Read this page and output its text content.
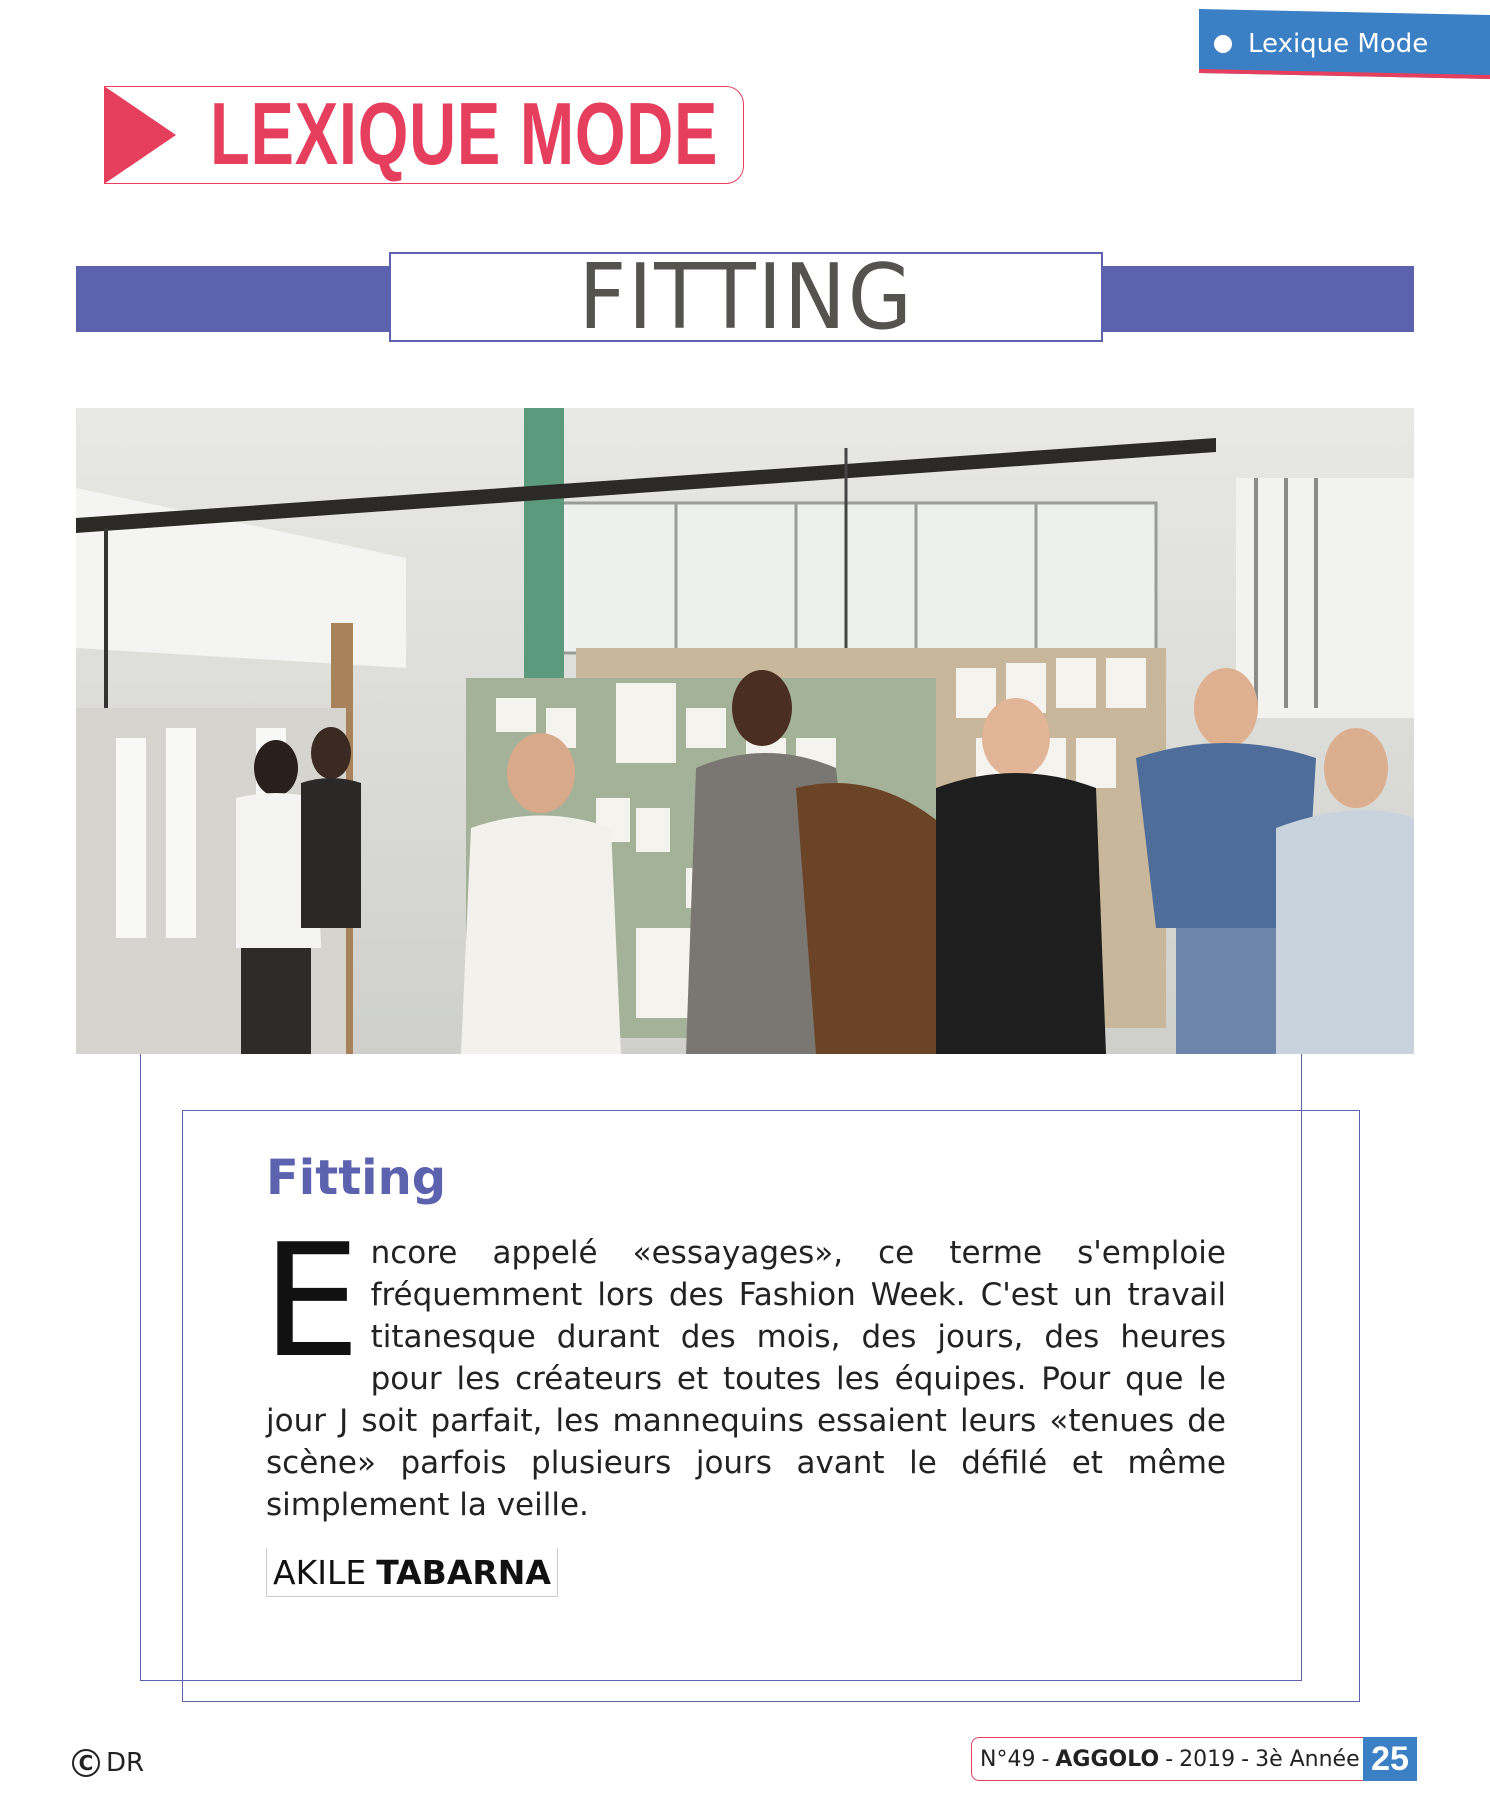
Lexique Mode
LEXIQUE MODE
FITTING
Fitting

Encore appelé «essayages», ce terme s'emploie fréquemment lors des Fashion Week. C'est un travail titanesque durant des mois, des jours, des heures pour les créateurs et toutes les équipes. Pour que le jour J soit parfait, les mannequins essaient leurs «tenues de scène» parfois plusieurs jours avant le défilé et même simplement la veille.

AKILE TABARNA
C DR	N°49 - AGGOLO - 2019 - 3è Année 25
